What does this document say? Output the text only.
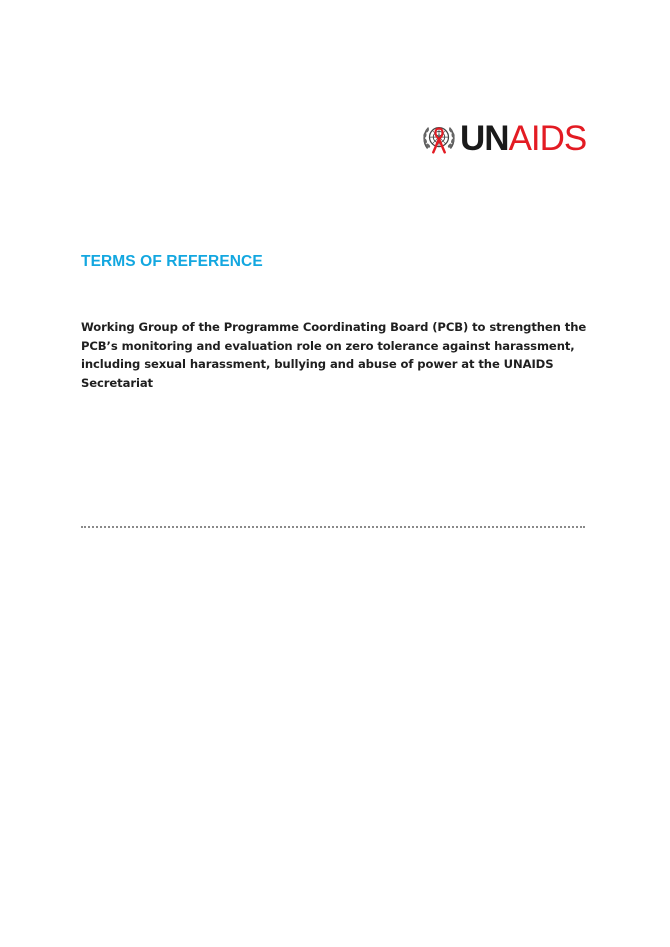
UNAIDS
TERMS OF REFERENCE

Working Group of the Programme Coordinating Board (PCB) to strengthen the PCB’s monitoring and evaluation role on zero tolerance against harassment, including sexual harassment, bullying and abuse of power at the UNAIDS Secretariat
